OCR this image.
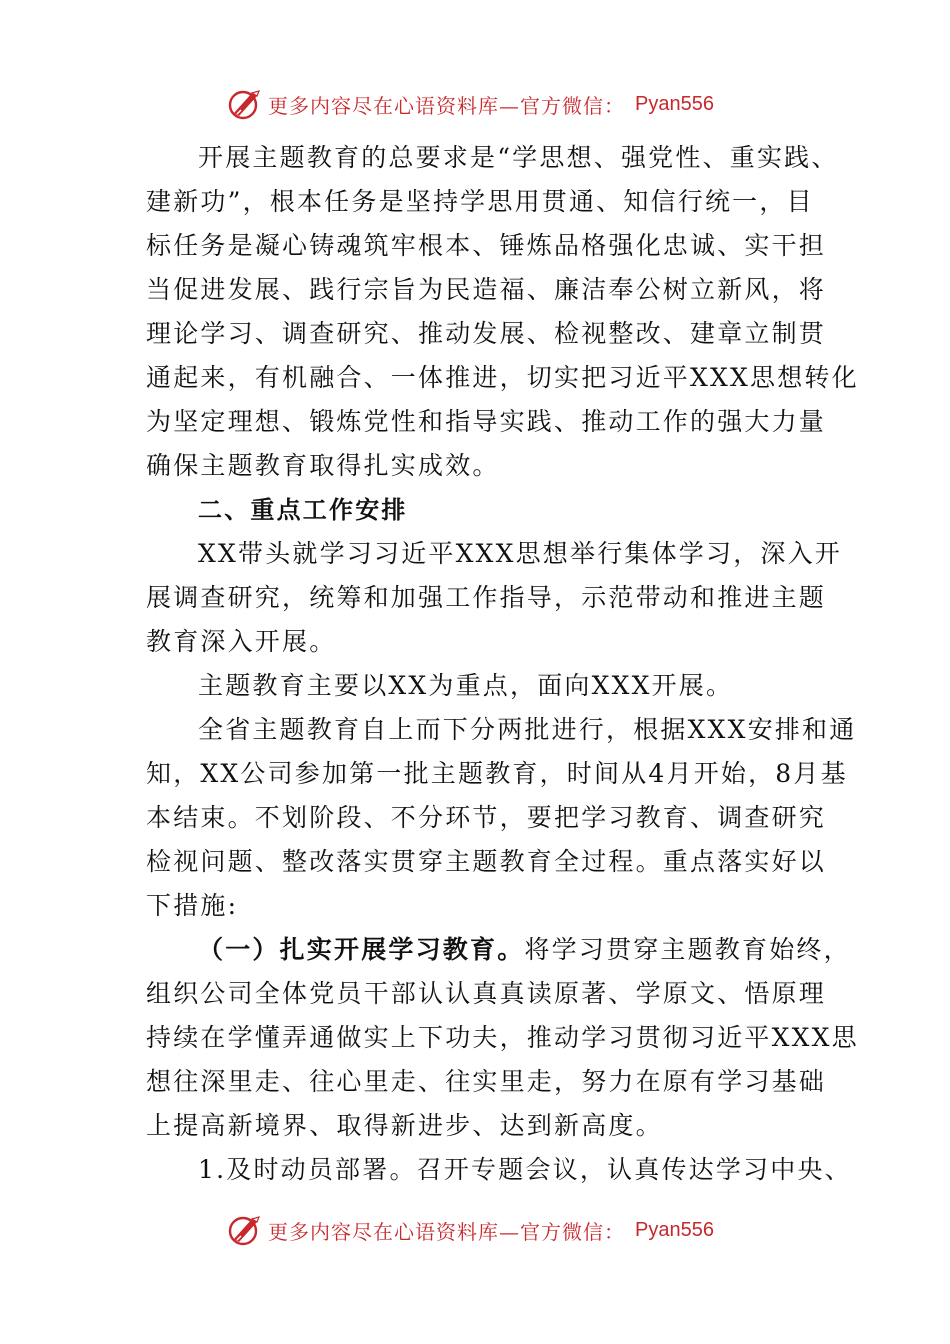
更多内容尽在心语资料库—官方微信： Pyan556
开展主题教育的总要求是“学思想、强党性、重实践、
建新功”，根本任务是坚持学思用贯通、知信行统一，目
标任务是凝心铸魂筑牢根本、锤炼品格强化忠诚、实干担
当促进发展、践行宗旨为民造福、廉洁奉公树立新风，将
理论学习、调查研究、推动发展、检视整改、建章立制贯
通起来，有机融合、一体推进，切实把习近平XXX思想转化
为坚定理想、锻炼党性和指导实践、推动工作的强大力量
确保主题教育取得扎实成效。
二、重点工作安排
XX带头就学习习近平XXX思想举行集体学习，深入开
展调查研究，统筹和加强工作指导，示范带动和推进主题
教育深入开展。
主题教育主要以XX为重点，面向XXX开展。
全省主题教育自上而下分两批进行，根据XXX安排和通
知，XX公司参加第一批主题教育，时间从4月开始，8月基
本结束。不划阶段、不分环节，要把学习教育、调查研究
检视问题、整改落实贯穿主题教育全过程。重点落实好以
下措施:
（一）扎实开展学习教育。将学习贯穿主题教育始终，
组织公司全体党员干部认认真真读原著、学原文、悟原理
持续在学懂弄通做实上下功夫，推动学习贯彻习近平XXX思
想往深里走、往心里走、往实里走，努力在原有学习基础
上提高新境界、取得新进步、达到新高度。
1.及时动员部署。召开专题会议，认真传达学习中央、
更多内容尽在心语资料库—官方微信： Pyan556
